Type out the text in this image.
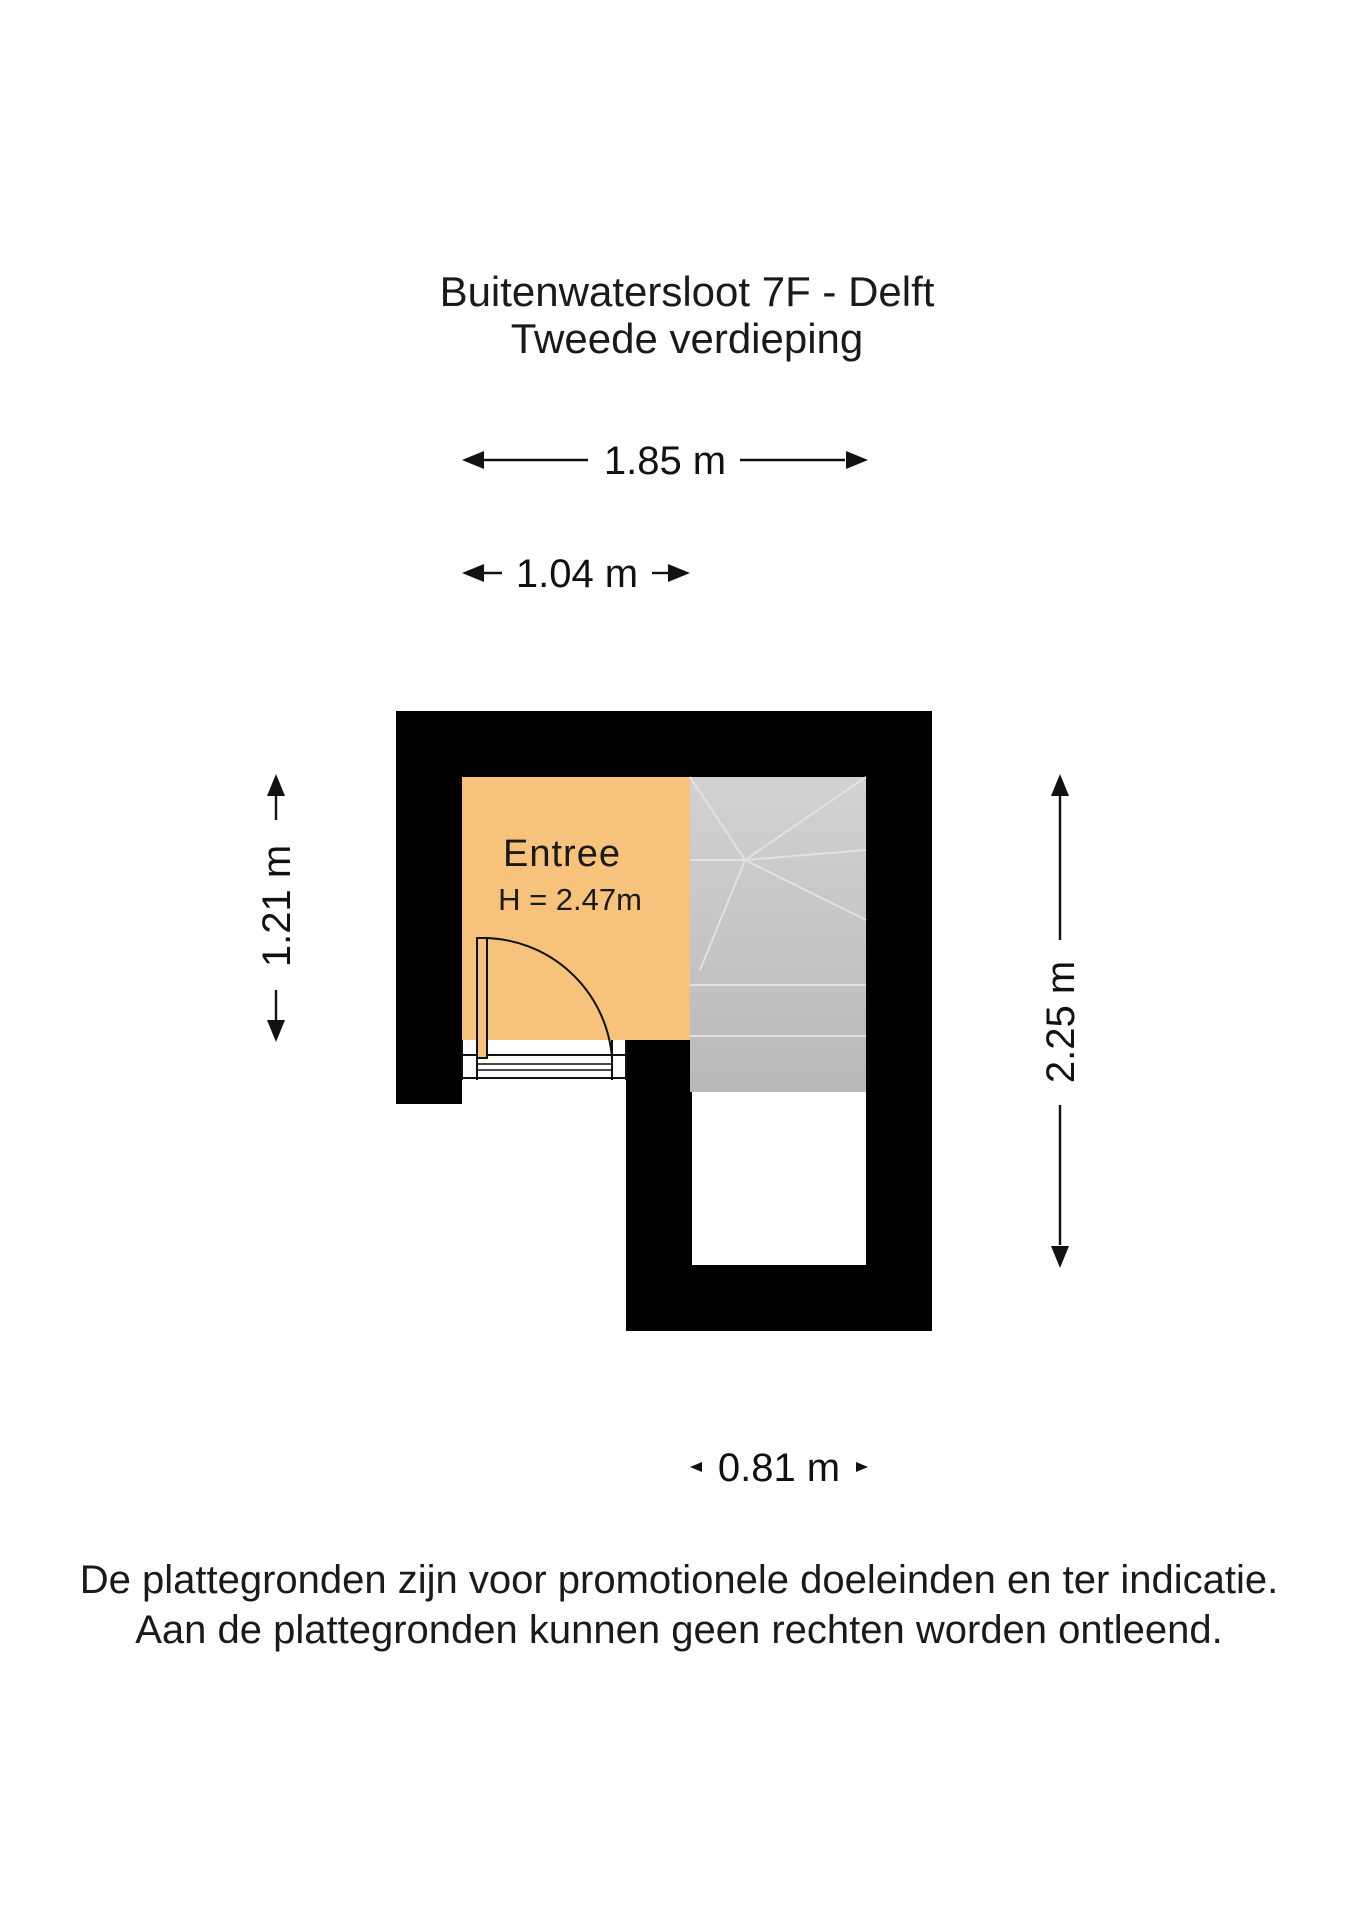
Buitenwatersloot 7F - Delft
Tweede verdieping
1.85 m
1.04 m
Entree
H = 2.47m
1.21 m
2.25 m
0.81 m
De plattegronden zijn voor promotionele doeleinden en ter indicatie.
Aan de plattegronden kunnen geen rechten worden ontleend.
